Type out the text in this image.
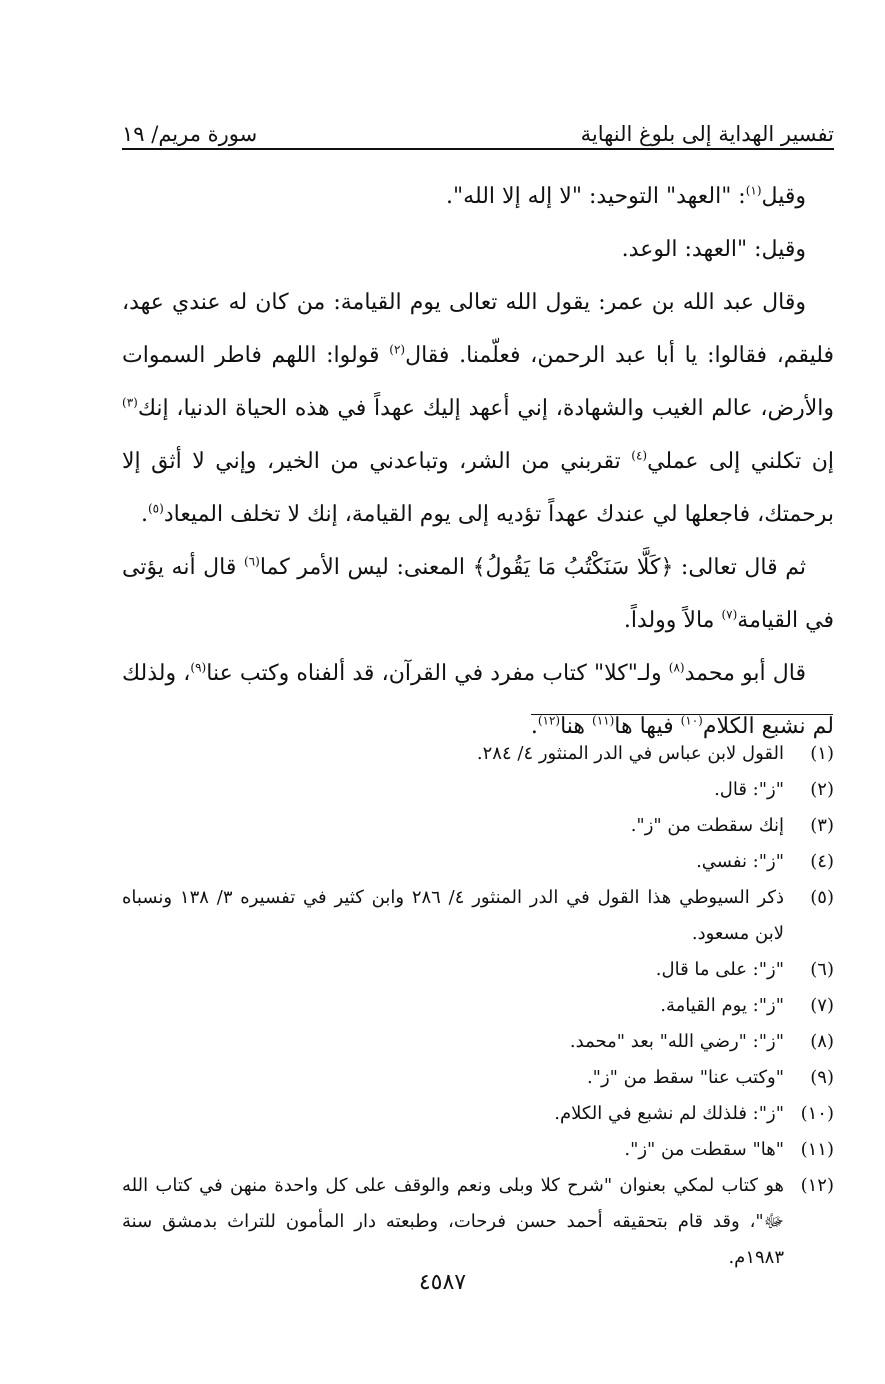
تفسير الهداية إلى بلوغ النهاية
سورة مريم/ ١٩

وقيل$^{(١)}$: "العهد" التوحيد: "لا إله إلا الله".

وقيل: "العهد: الوعد.

وقال عبد الله بن عمر: يقول الله تعالى يوم القيامة: من كان له عندي عهد، فليقم، فقالوا: يا أبا عبد الرحمن، فعلّمنا. فقال$^{(٢)}$ قولوا: اللهم فاطر السموات والأرض، عالم الغيب والشهادة، إني أعهد إليك عهداً في هذه الحياة الدنيا، إنك$^{(٣)}$ إن تكلني إلى عملي$^{(٤)}$ تقربني من الشر، وتباعدني من الخير، وإني لا أثق إلا برحمتك، فاجعلها لي عندك عهداً تؤديه إلى يوم القيامة، إنك لا تخلف الميعاد$^{(٥)}$.

ثم قال تعالى: ﴿كَلَّا سَنَكْتُبُ مَا يَقُولُ﴾ المعنى: ليس الأمر كما$^{(٦)}$ قال أنه يؤتى في القيامة$^{(٧)}$ مالاً وولداً.

قال أبو محمد$^{(٨)}$ ولـ"كلا" كتاب مفرد في القرآن، قد ألفناه وكتب عنا$^{(٩)}$، ولذلك لم نشبع الكلام$^{(١٠)}$ فيها ها$^{(١١)}$ هنا$^{(١٢)}$.

(١)
القول لابن عباس في الدر المنثور ٤/ ٢٨٤.
(٢)
"ز": قال.
(٣)
إنك سقطت من "ز".
(٤)
"ز": نفسي.
(٥)
ذكر السيوطي هذا القول في الدر المنثور ٤/ ٢٨٦ وابن كثير في تفسيره ٣/ ١٣٨ ونسباه لابن مسعود.
(٦)
"ز": على ما قال.
(٧)
"ز": يوم القيامة.
(٨)
"ز": "رضي الله" بعد "محمد.
(٩)
"وكتب عنا" سقط من "ز".
(١٠)
"ز": فلذلك لم نشبع في الكلام.
(١١)
"ها" سقطت من "ز".
(١٢)
هو كتاب لمكي بعنوان "شرح كلا وبلى ونعم والوقف على كل واحدة منهن في كتاب الله ﷻ"، وقد قام بتحقيقه أحمد حسن فرحات، وطبعته دار المأمون للتراث بدمشق سنة ١٩٨٣م.
٤٥٨٧
